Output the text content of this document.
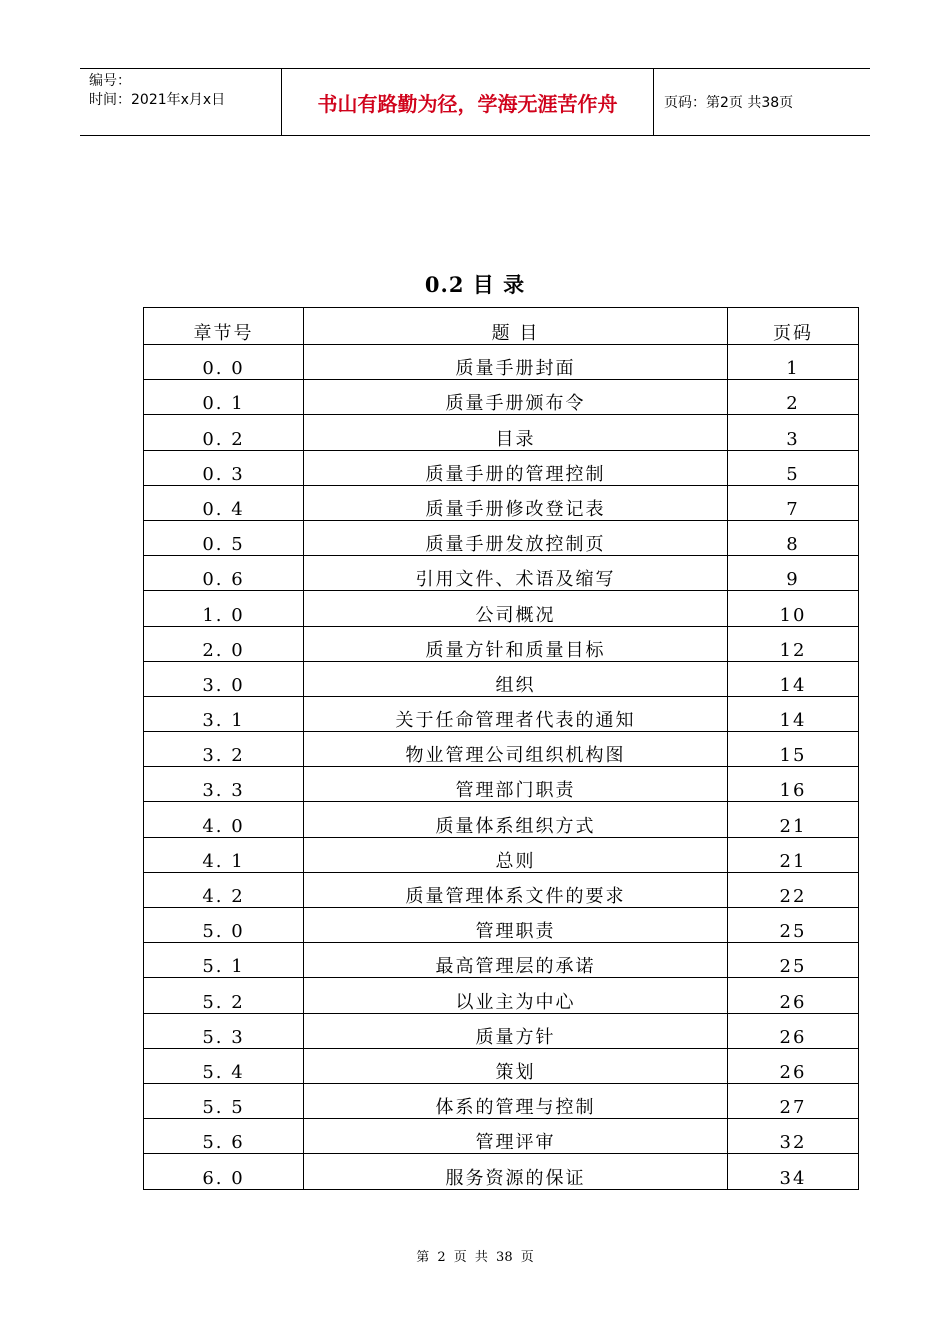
编号：
时间：2021年x月x日	书山有路勤为径，学海无涯苦作舟	页码：第2页 共38页
0.2 目 录
章节号	题 目	页码
0. 0	质量手册封面	1
0. 1	质量手册颁布令	2
0. 2	目录	3
0. 3	质量手册的管理控制	5
0. 4	质量手册修改登记表	7
0. 5	质量手册发放控制页	8
0. 6	引用文件、术语及缩写	9
1. 0	公司概况	10
2. 0	质量方针和质量目标	12
3. 0	组织	14
3. 1	关于任命管理者代表的通知	14
3. 2	物业管理公司组织机构图	15
3. 3	管理部门职责	16
4. 0	质量体系组织方式	21
4. 1	总则	21
4. 2	质量管理体系文件的要求	22
5. 0	管理职责	25
5. 1	最高管理层的承诺	25
5. 2	以业主为中心	26
5. 3	质量方针	26
5. 4	策划	26
5. 5	体系的管理与控制	27
5. 6	管理评审	32
6. 0	服务资源的保证	34
第 2 页 共 38 页
